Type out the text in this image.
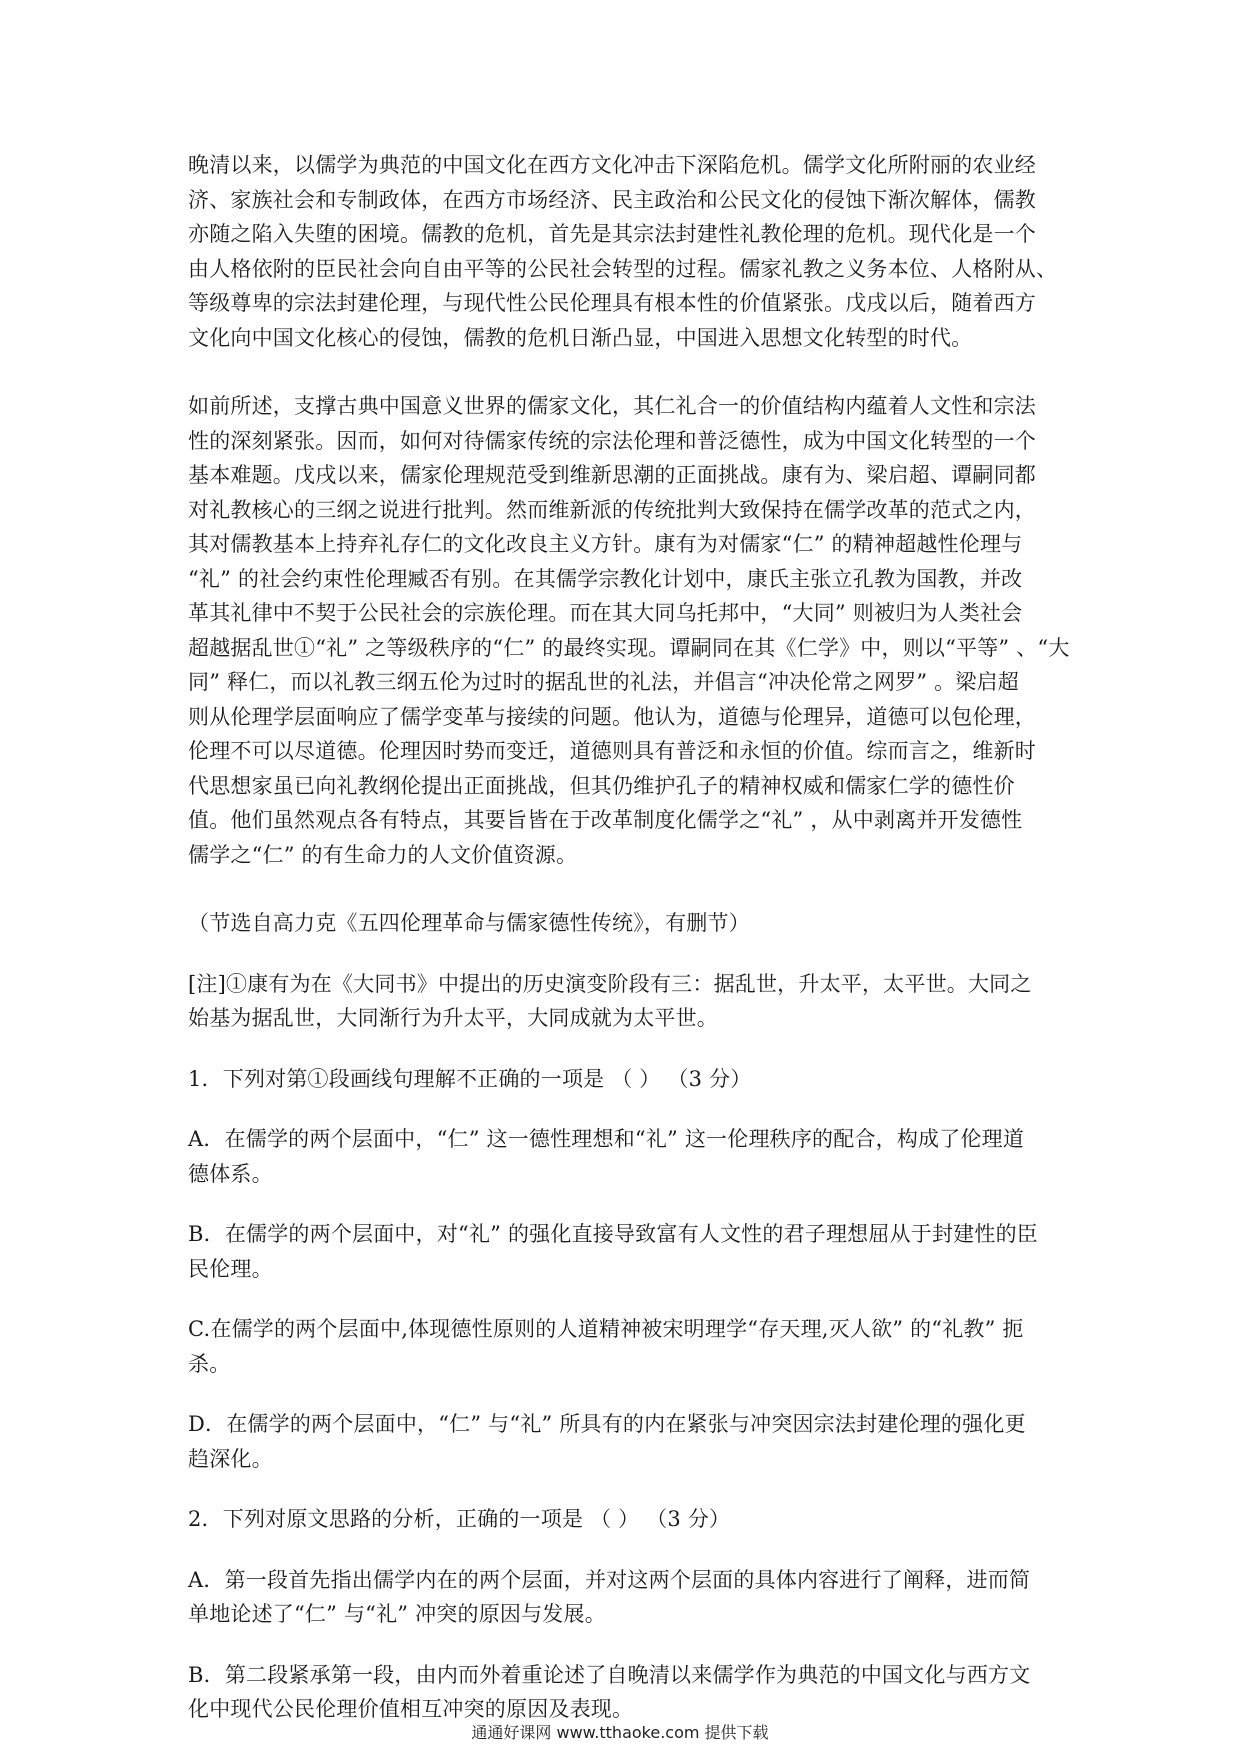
晚清以来，以儒学为典范的中国文化在西方文化冲击下深陷危机。儒学文化所附丽的农业经
济、家族社会和专制政体，在西方市场经济、民主政治和公民文化的侵蚀下渐次解体，儒教
亦随之陷入失堕的困境。儒教的危机，首先是其宗法封建性礼教伦理的危机。现代化是一个
由人格依附的臣民社会向自由平等的公民社会转型的过程。儒家礼教之义务本位、人格附从、
等级尊卑的宗法封建伦理，与现代性公民伦理具有根本性的价值紧张。戊戌以后，随着西方
文化向中国文化核心的侵蚀，儒教的危机日渐凸显，中国进入思想文化转型的时代。

如前所述，支撑古典中国意义世界的儒家文化，其仁礼合一的价值结构内蕴着人文性和宗法
性的深刻紧张。因而，如何对待儒家传统的宗法伦理和普泛德性，成为中国文化转型的一个
基本难题。戊戌以来，儒家伦理规范受到维新思潮的正面挑战。康有为、梁启超、谭嗣同都
对礼教核心的三纲之说进行批判。然而维新派的传统批判大致保持在儒学改革的范式之内，
其对儒教基本上持弃礼存仁的文化改良主义方针。康有为对儒家“仁” 的精神超越性伦理与
“礼” 的社会约束性伦理臧否有别。在其儒学宗教化计划中，康氏主张立孔教为国教，并改
革其礼律中不契于公民社会的宗族伦理。而在其大同乌托邦中，“大同” 则被归为人类社会
超越据乱世①“礼” 之等级秩序的“仁” 的最终实现。谭嗣同在其《仁学》中，则以“平等” 、“大
同” 释仁，而以礼教三纲五伦为过时的据乱世的礼法，并倡言“冲决伦常之网罗” 。梁启超
则从伦理学层面响应了儒学变革与接续的问题。他认为，道德与伦理异，道德可以包伦理，
伦理不可以尽道德。伦理因时势而变迁，道德则具有普泛和永恒的价值。综而言之，维新时
代思想家虽已向礼教纲伦提出正面挑战，但其仍维护孔子的精神权威和儒家仁学的德性价
值。他们虽然观点各有特点，其要旨皆在于改革制度化儒学之“礼” ，从中剥离并开发德性
儒学之“仁” 的有生命力的人文价值资源。

（节选自高力克《五四伦理革命与儒家德性传统》，有删节）

[注]①康有为在《大同书》中提出的历史演变阶段有三：据乱世，升太平，太平世。大同之
始基为据乱世，大同渐行为升太平，大同成就为太平世。

1．下列对第①段画线句理解不正确的一项是 （ ） （3 分）

A．在儒学的两个层面中，“仁” 这一德性理想和“礼” 这一伦理秩序的配合，构成了伦理道
德体系。

B．在儒学的两个层面中，对“礼” 的强化直接导致富有人文性的君子理想屈从于封建性的臣
民伦理。

C.在儒学的两个层面中,体现德性原则的人道精神被宋明理学“存天理,灭人欲” 的“礼教” 扼
杀。

D．在儒学的两个层面中，“仁” 与“礼” 所具有的内在紧张与冲突因宗法封建伦理的强化更
趋深化。

2．下列对原文思路的分析，正确的一项是 （ ） （3 分）

A．第一段首先指出儒学内在的两个层面，并对这两个层面的具体内容进行了阐释，进而简
单地论述了“仁” 与“礼” 冲突的原因与发展。

B．第二段紧承第一段，由内而外着重论述了自晚清以来儒学作为典范的中国文化与西方文
化中现代公民伦理价值相互冲突的原因及表现。

通通好课网 www.tthaoke.com 提供下载
